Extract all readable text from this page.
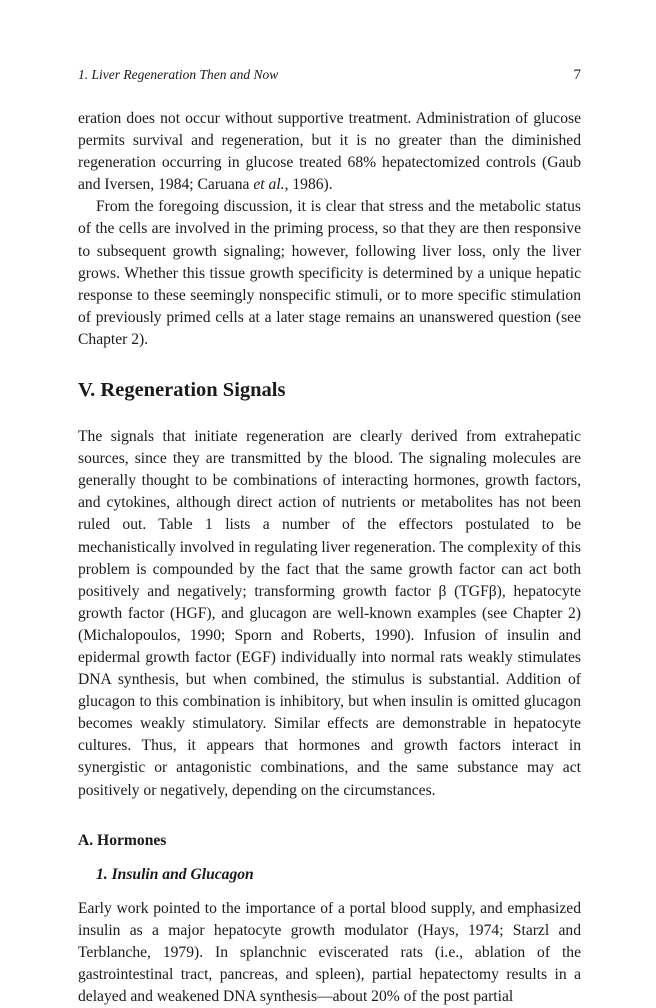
1. Liver Regeneration Then and Now	7

eration does not occur without supportive treatment. Administration of glucose permits survival and regeneration, but it is no greater than the diminished regeneration occurring in glucose treated 68% hepatectomized controls (Gaub and Iversen, 1984; Caruana et al., 1986).

From the foregoing discussion, it is clear that stress and the metabolic status of the cells are involved in the priming process, so that they are then responsive to subsequent growth signaling; however, following liver loss, only the liver grows. Whether this tissue growth specificity is determined by a unique hepatic response to these seemingly nonspecific stimuli, or to more specific stimulation of previously primed cells at a later stage remains an unanswered question (see Chapter 2).

V. Regeneration Signals

The signals that initiate regeneration are clearly derived from extrahepatic sources, since they are transmitted by the blood. The signaling molecules are generally thought to be combinations of interacting hormones, growth factors, and cytokines, although direct action of nutrients or metabolites has not been ruled out. Table 1 lists a number of the effectors postulated to be mechanistically involved in regulating liver regeneration. The complexity of this problem is compounded by the fact that the same growth factor can act both positively and negatively; transforming growth factor β (TGFβ), hepatocyte growth factor (HGF), and glucagon are well-known examples (see Chapter 2) (Michalopoulos, 1990; Sporn and Roberts, 1990). Infusion of insulin and epidermal growth factor (EGF) individually into normal rats weakly stimulates DNA synthesis, but when combined, the stimulus is substantial. Addition of glucagon to this combination is inhibitory, but when insulin is omitted glucagon becomes weakly stimulatory. Similar effects are demonstrable in hepatocyte cultures. Thus, it appears that hormones and growth factors interact in synergistic or antagonistic combinations, and the same substance may act positively or negatively, depending on the circumstances.

A. Hormones
1. Insulin and Glucagon

Early work pointed to the importance of a portal blood supply, and emphasized insulin as a major hepatocyte growth modulator (Hays, 1974; Starzl and Terblanche, 1979). In splanchnic eviscerated rats (i.e., ablation of the gastrointestinal tract, pancreas, and spleen), partial hepatectomy results in a delayed and weakened DNA synthesis—about 20% of the post partial
